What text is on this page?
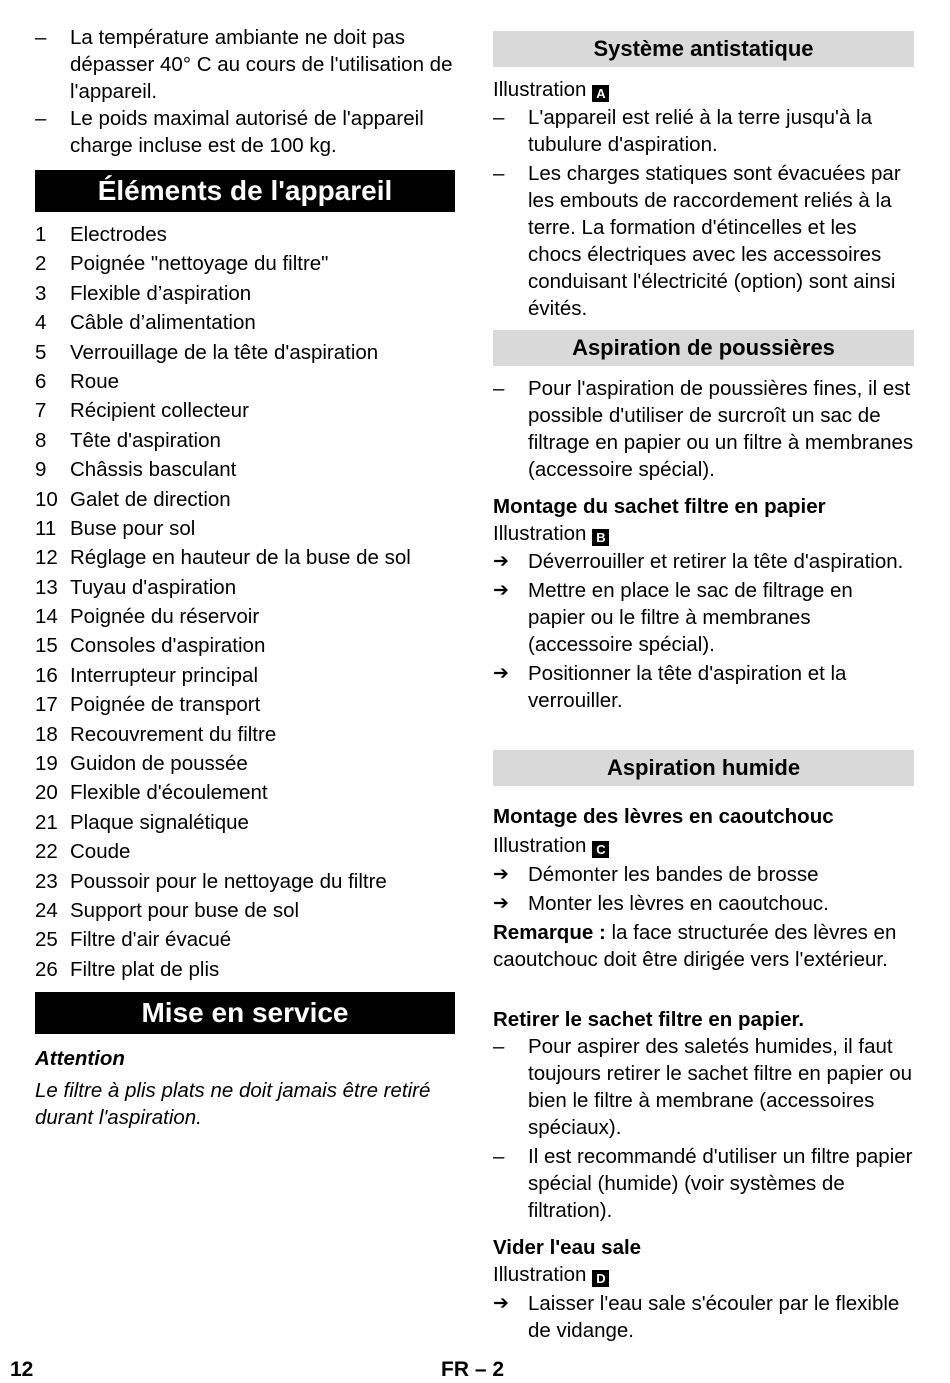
–	La température ambiante ne doit pas dépasser 40° C au cours de l'utilisation de l'appareil.
–	Le poids maximal autorisé de l'appareil charge incluse est de 100 kg.
Éléments de l'appareil
1 Electrodes
2 Poignée "nettoyage du filtre"
3 Flexible d’aspiration
4 Câble d’alimentation
5 Verrouillage de la tête d'aspiration
6 Roue
7 Récipient collecteur
8 Tête d'aspiration
9 Châssis basculant
10 Galet de direction
11 Buse pour sol
12 Réglage en hauteur de la buse de sol
13 Tuyau d'aspiration
14 Poignée du réservoir
15 Consoles d'aspiration
16 Interrupteur principal
17 Poignée de transport
18 Recouvrement du filtre
19 Guidon de poussée
20 Flexible d'écoulement
21 Plaque signalétique
22 Coude
23 Poussoir pour le nettoyage du filtre
24 Support pour buse de sol
25 Filtre d'air évacué
26 Filtre plat de plis
Mise en service
Attention
Le filtre à plis plats ne doit jamais être retiré durant l'aspiration.
Système antistatique
Illustration A
–	L'appareil est relié à la terre jusqu'à la tubulure d'aspiration.
–	Les charges statiques sont évacuées par les embouts de raccordement reliés à la terre. La formation d'étincelles et les chocs électriques avec les accessoires conduisant l'électricité (option) sont ainsi évités.
Aspiration de poussières
–	Pour l'aspiration de poussières fines, il est possible d'utiliser de surcroît un sac de filtrage en papier ou un filtre à membranes (accessoire spécial).
Montage du sachet filtre en papier
Illustration B
➔ Déverrouiller et retirer la tête d'aspiration.
➔ Mettre en place le sac de filtrage en papier ou le filtre à membranes (accessoire spécial).
➔ Positionner la tête d'aspiration et la verrouiller.
Aspiration humide
Montage des lèvres en caoutchouc
Illustration C
➔ Démonter les bandes de brosse
➔ Monter les lèvres en caoutchouc.
Remarque : la face structurée des lèvres en caoutchouc doit être dirigée vers l'extérieur.
Retirer le sachet filtre en papier.
–	Pour aspirer des saletés humides, il faut toujours retirer le sachet filtre en papier ou bien le filtre à membrane (accessoires spéciaux).
–	Il est recommandé d'utiliser un filtre papier spécial (humide) (voir systèmes de filtration).
Vider l'eau sale
Illustration D
➔ Laisser l'eau sale s'écouler par le flexible de vidange.
12	FR – 2
